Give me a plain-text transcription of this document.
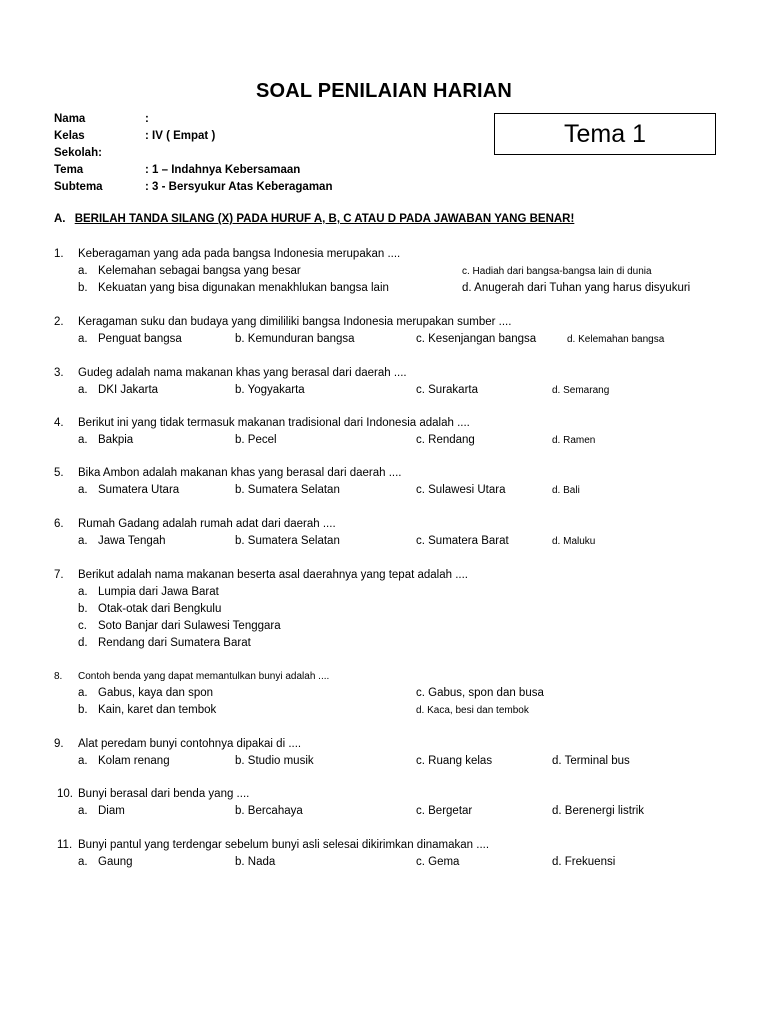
SOAL PENILAIAN HARIAN
Tema 1
Nama	:
Kelas	: IV ( Empat )
Sekolah:
Tema	: 1 – Indahnya Kebersamaan
Subtema	: 3 - Bersyukur Atas Keberagaman
A. BERILAH TANDA SILANG (X) PADA HURUF A, B, C ATAU D PADA JAWABAN YANG BENAR!
1.	Keberagaman yang ada pada bangsa Indonesia merupakan ....
a. Kelemahan sebagai bangsa yang besar	c. Hadiah dari bangsa-bangsa lain di dunia
b. Kekuatan yang bisa digunakan menakhlukan bangsa lain	d. Anugerah dari Tuhan yang harus disyukuri
2.	Keragaman suku dan budaya yang dimililiki bangsa Indonesia merupakan sumber ....
a. Penguat bangsa	b. Kemunduran bangsa	c. Kesenjangan bangsa	d. Kelemahan bangsa
3.	Gudeg adalah nama makanan khas yang berasal dari daerah ....
a. DKI Jakarta	b. Yogyakarta	c. Surakarta	d. Semarang
4.	Berikut ini yang tidak termasuk makanan tradisional dari Indonesia adalah ....
a. Bakpia	b. Pecel	c. Rendang	d. Ramen
5.	Bika Ambon adalah makanan khas yang berasal dari daerah ....
a. Sumatera Utara	b. Sumatera Selatan	c. Sulawesi Utara	d. Bali
6.	Rumah Gadang adalah rumah adat dari daerah ....
a. Jawa Tengah	b. Sumatera Selatan	c. Sumatera Barat	d. Maluku
7.	Berikut adalah nama makanan beserta asal daerahnya yang tepat adalah ....
a. Lumpia dari Jawa Barat
b. Otak-otak dari Bengkulu
c. Soto Banjar dari Sulawesi Tenggara
d. Rendang dari Sumatera Barat
8.	Contoh benda yang dapat memantulkan bunyi adalah ....
a. Gabus, kaya dan spon	c. Gabus, spon dan busa
b. Kain, karet dan tembok	d. Kaca, besi dan tembok
9.	Alat peredam bunyi contohnya dipakai di ....
a. Kolam renang	b. Studio musik	c. Ruang kelas	d. Terminal bus
10. Bunyi berasal dari benda yang ....
a. Diam	b. Bercahaya	c. Bergetar	d. Berenergi listrik
11. Bunyi pantul yang terdengar sebelum bunyi asli selesai dikirimkan dinamakan ....
a. Gaung	b. Nada	c. Gema	d. Frekuensi
